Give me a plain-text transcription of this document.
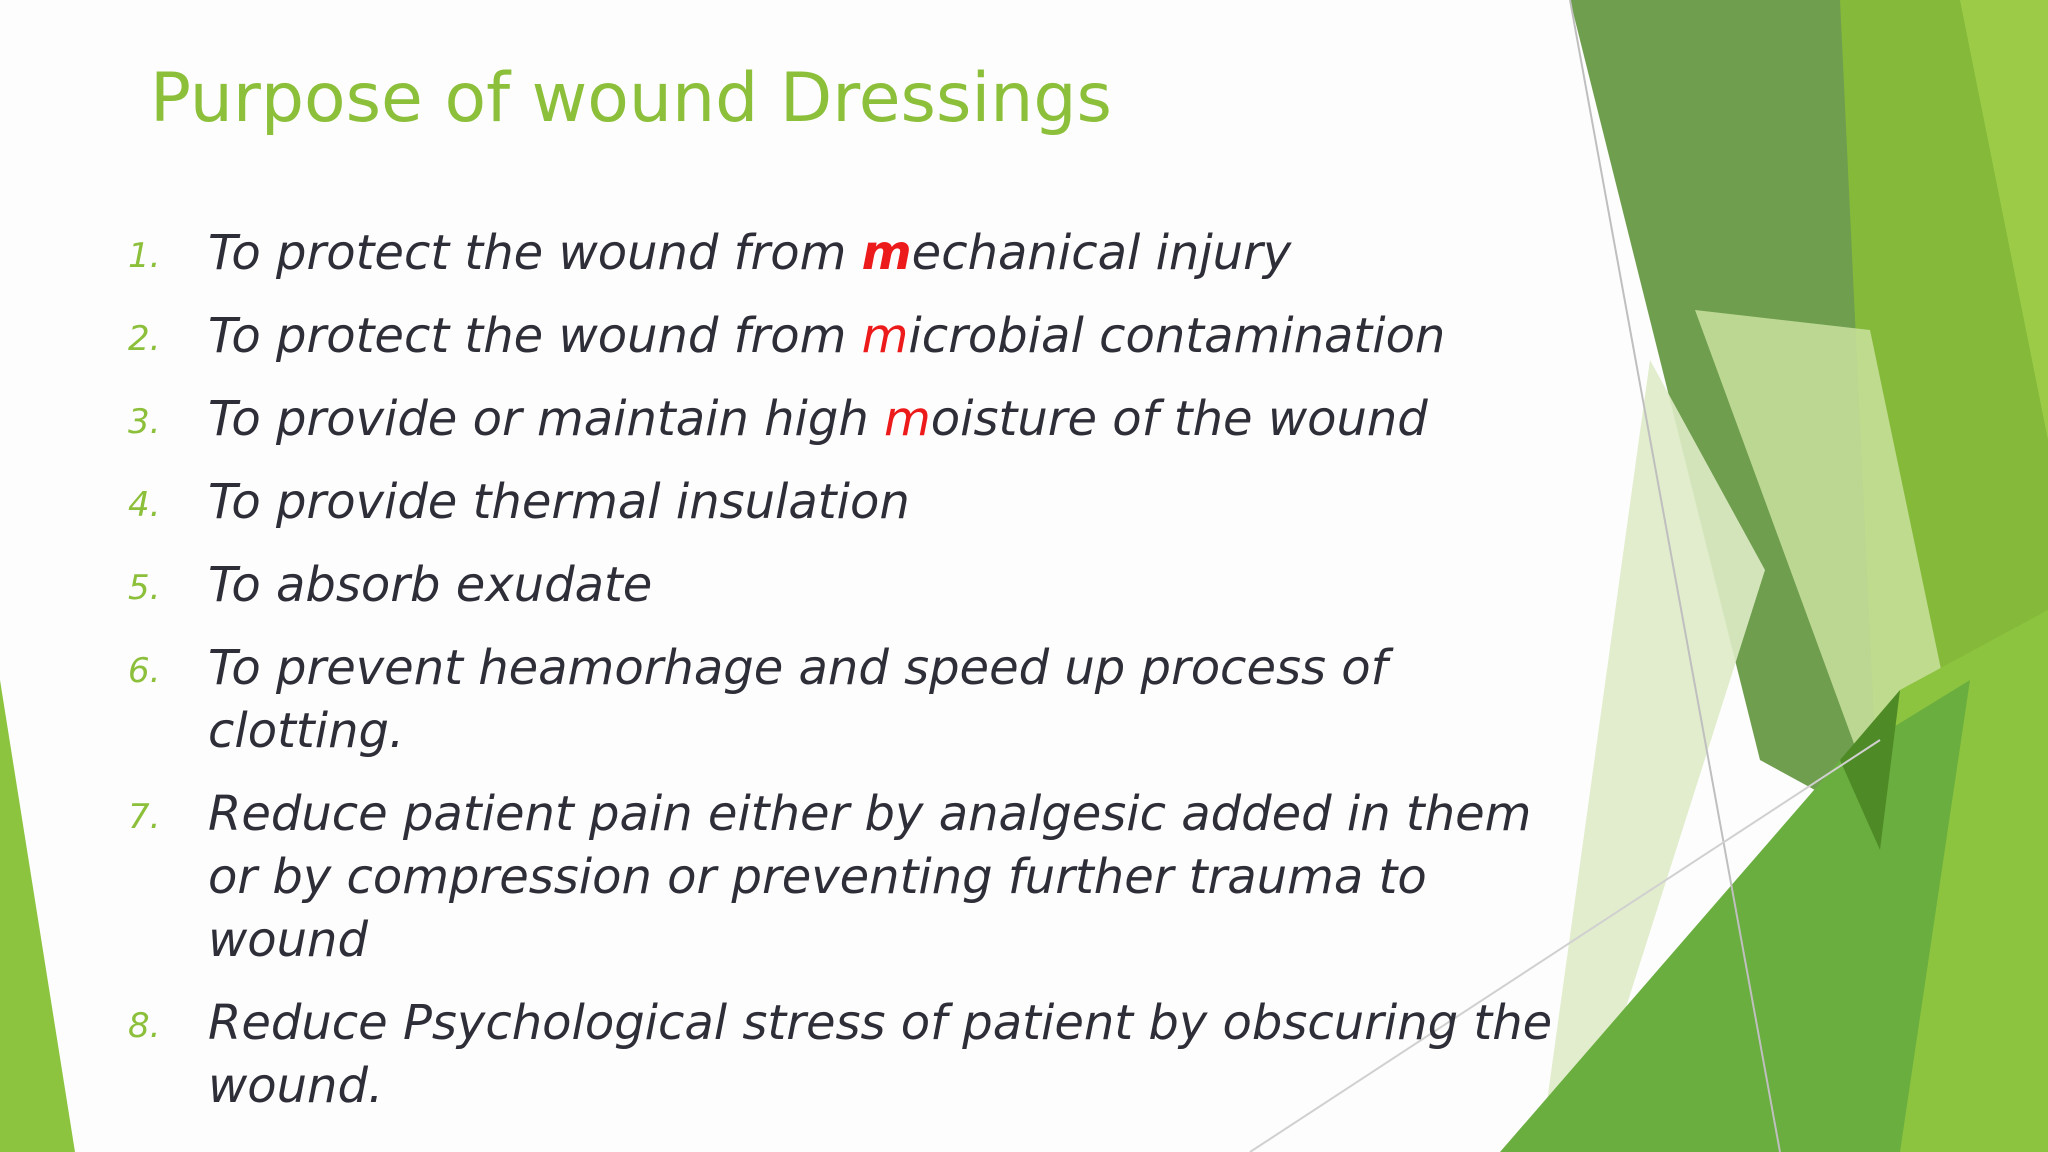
Purpose of wound Dressings
1. To protect the wound from mechanical injury
2. To protect the wound from microbial contamination
3. To provide or maintain high moisture of the wound
4. To provide thermal insulation
5. To absorb exudate
6. To prevent heamorhage and speed up process of clotting.
7. Reduce patient pain either by analgesic added in them or by compression or preventing further trauma to wound
8. Reduce Psychological stress of patient by obscuring the wound.
